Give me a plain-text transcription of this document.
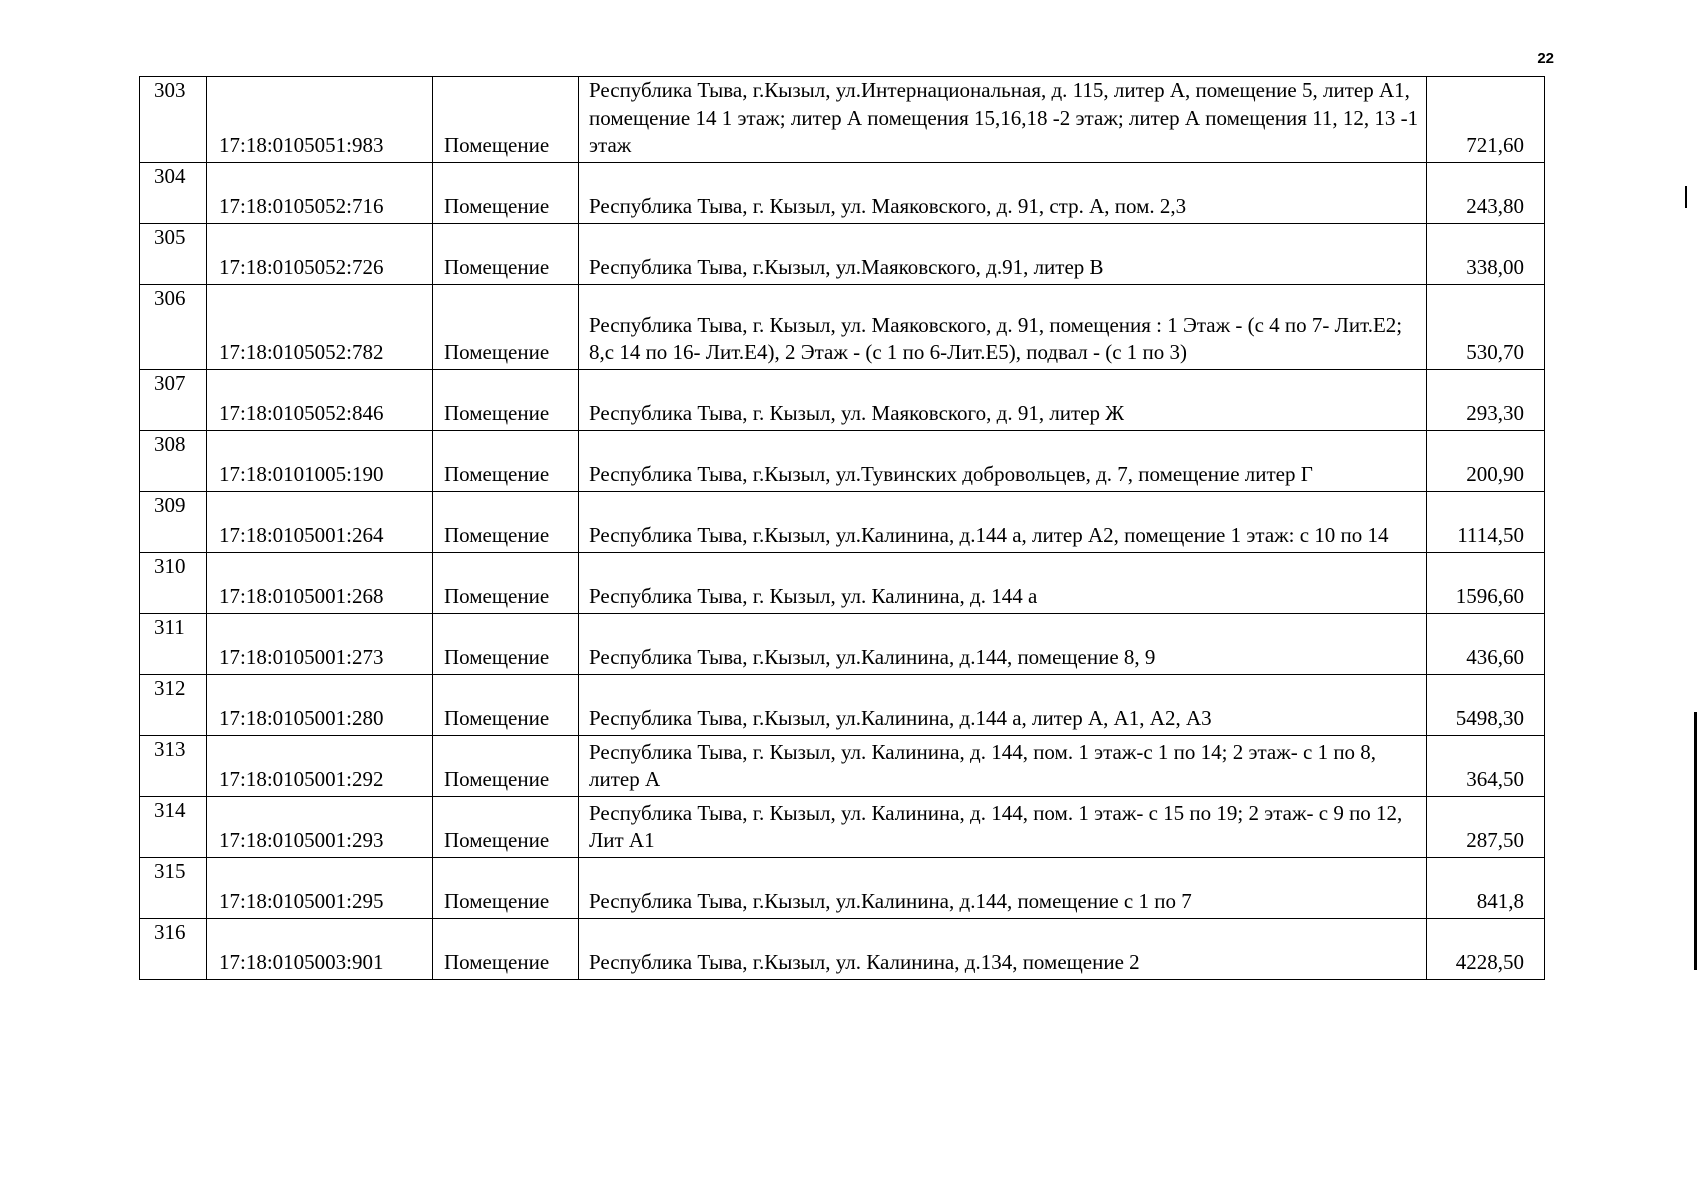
22
303	17:18:0105051:983	Помещение	Республика Тыва, г.Кызыл, ул.Интернациональная, д. 115, литер А, помещение 5, литер А1, помещение 14 1 этаж; литер А помещения 15,16,18 -2 этаж; литер А помещения 11, 12, 13 -1 этаж	721,60
304	17:18:0105052:716	Помещение	Республика Тыва, г. Кызыл, ул. Маяковского, д. 91, стр. А, пом. 2,3	243,80
305	17:18:0105052:726	Помещение	Республика Тыва, г.Кызыл, ул.Маяковского, д.91, литер В	338,00
306	17:18:0105052:782	Помещение	Республика Тыва, г. Кызыл, ул. Маяковского, д. 91, помещения : 1 Этаж - (с 4 по 7- Лит.Е2; 8,с 14 по 16- Лит.Е4), 2 Этаж - (с 1 по 6-Лит.Е5), подвал - (с 1 по 3)	530,70
307	17:18:0105052:846	Помещение	Республика Тыва, г. Кызыл, ул. Маяковского, д. 91, литер Ж	293,30
308	17:18:0101005:190	Помещение	Республика Тыва, г.Кызыл, ул.Тувинских добровольцев, д. 7, помещение литер Г	200,90
309	17:18:0105001:264	Помещение	Республика Тыва, г.Кызыл, ул.Калинина, д.144 а, литер А2, помещение 1 этаж: с 10 по 14	1114,50
310	17:18:0105001:268	Помещение	Республика Тыва, г. Кызыл, ул. Калинина, д. 144 а	1596,60
311	17:18:0105001:273	Помещение	Республика Тыва, г.Кызыл, ул.Калинина, д.144, помещение 8, 9	436,60
312	17:18:0105001:280	Помещение	Республика Тыва, г.Кызыл, ул.Калинина, д.144 а, литер А, А1, А2, А3	5498,30
313	17:18:0105001:292	Помещение	Республика Тыва, г. Кызыл, ул. Калинина, д. 144, пом. 1 этаж-с 1 по 14; 2 этаж- с 1 по 8, литер А	364,50
314	17:18:0105001:293	Помещение	Республика Тыва, г. Кызыл, ул. Калинина, д. 144, пом. 1 этаж- с 15 по 19; 2 этаж- с 9 по 12, Лит А1	287,50
315	17:18:0105001:295	Помещение	Республика Тыва, г.Кызыл, ул.Калинина, д.144, помещение с 1 по 7	841,8
316	17:18:0105003:901	Помещение	Республика Тыва, г.Кызыл, ул. Калинина, д.134, помещение 2	4228,50
